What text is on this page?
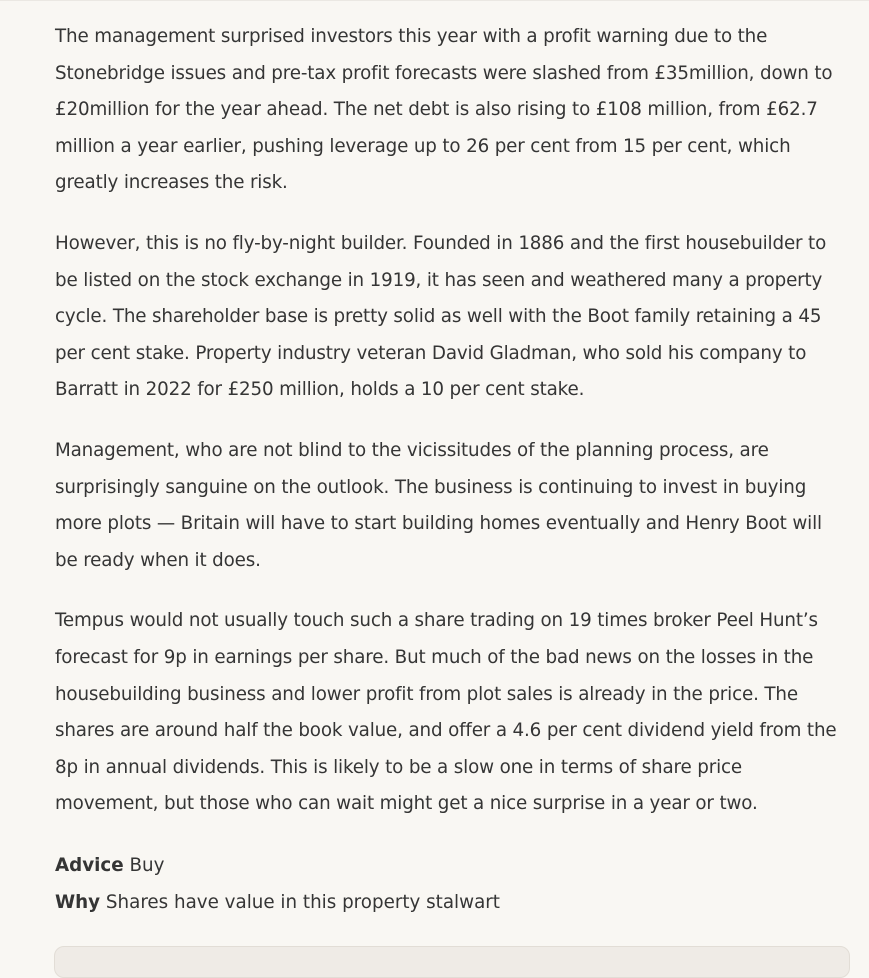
The management surprised investors this year with a profit warning due to the Stonebridge issues and pre-tax profit forecasts were slashed from £35million, down to £20million for the year ahead. The net debt is also rising to £108 million, from £62.7 million a year earlier, pushing leverage up to 26 per cent from 15 per cent, which greatly increases the risk.

However, this is no fly-by-night builder. Founded in 1886 and the first housebuilder to be listed on the stock exchange in 1919, it has seen and weathered many a property cycle. The shareholder base is pretty solid as well with the Boot family retaining a 45 per cent stake. Property industry veteran David Gladman, who sold his company to Barratt in 2022 for £250 million, holds a 10 per cent stake.

Management, who are not blind to the vicissitudes of the planning process, are surprisingly sanguine on the outlook. The business is continuing to invest in buying more plots — Britain will have to start building homes eventually and Henry Boot will be ready when it does.

Tempus would not usually touch such a share trading on 19 times broker Peel Hunt’s forecast for 9p in earnings per share. But much of the bad news on the losses in the housebuilding business and lower profit from plot sales is already in the price. The shares are around half the book value, and offer a 4.6 per cent dividend yield from the 8p in annual dividends. This is likely to be a slow one in terms of share price movement, but those who can wait might get a nice surprise in a year or two.

Advice Buy
Why Shares have value in this property stalwart
